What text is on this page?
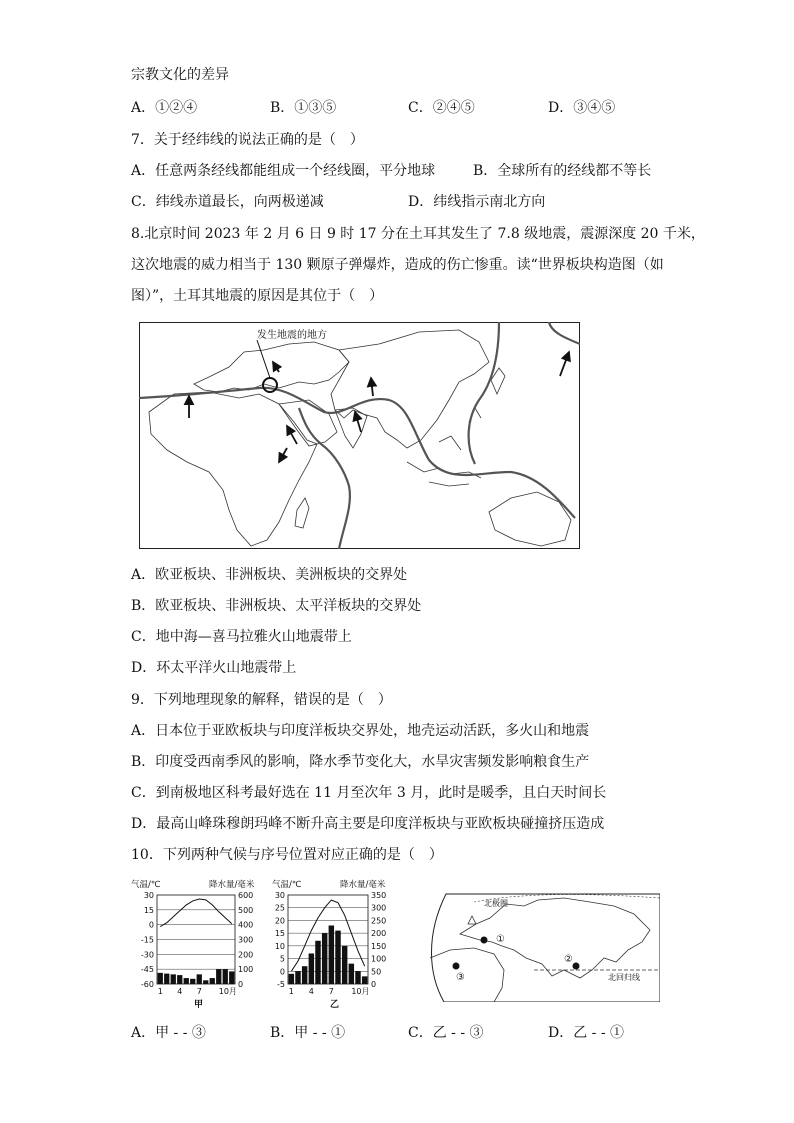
宗教文化的差异
A．①②④	B．①③⑤	C．②④⑤	D．③④⑤
7．关于经纬线的说法正确的是（　）
A．任意两条经线都能组成一个经线圈，平分地球	B．全球所有的经线都不等长
C．纬线赤道最长，向两极递减	D．纬线指示南北方向
8.北京时间 2023 年 2 月 6 日 9 时 17 分在土耳其发生了 7.8 级地震，震源深度 20 千米，
这次地震的威力相当于 130 颗原子弹爆炸，造成的伤亡惨重。读“世界板块构造图（如
图）”，土耳其地震的原因是其位于（　）
发生地震的地方
A．欧亚板块、非洲板块、美洲板块的交界处
B．欧亚板块、非洲板块、太平洋板块的交界处
C．地中海—喜马拉雅火山地震带上
D．环太平洋火山地震带上
9．下列地理现象的解释，错误的是（　）
A．日本位于亚欧板块与印度洋板块交界处，地壳运动活跃，多火山和地震
B．印度受西南季风的影响，降水季节变化大，水旱灾害频发影响粮食生产
C．到南极地区科考最好选在 11 月至次年 3 月，此时是暖季，且白天时间长
D．最高山峰珠穆朗玛峰不断升高主要是印度洋板块与亚欧板块碰撞挤压造成
10．下列两种气候与序号位置对应正确的是（　）
气温/℃	降水量/毫米
30
15
0
-15
-30
-45
-60
600
500
400
300
200
100
0
1 4 7 10月
甲
气温/℃	降水量/毫米
30
25
20
15
10
5
0
-5
350
300
250
200
150
100
50
0
1 4 7 10月
乙
北极圈
北回归线
①
②
③
A．甲 - - ③	B．甲 - - ①	C．乙 - - ③	D．乙 - - ①
